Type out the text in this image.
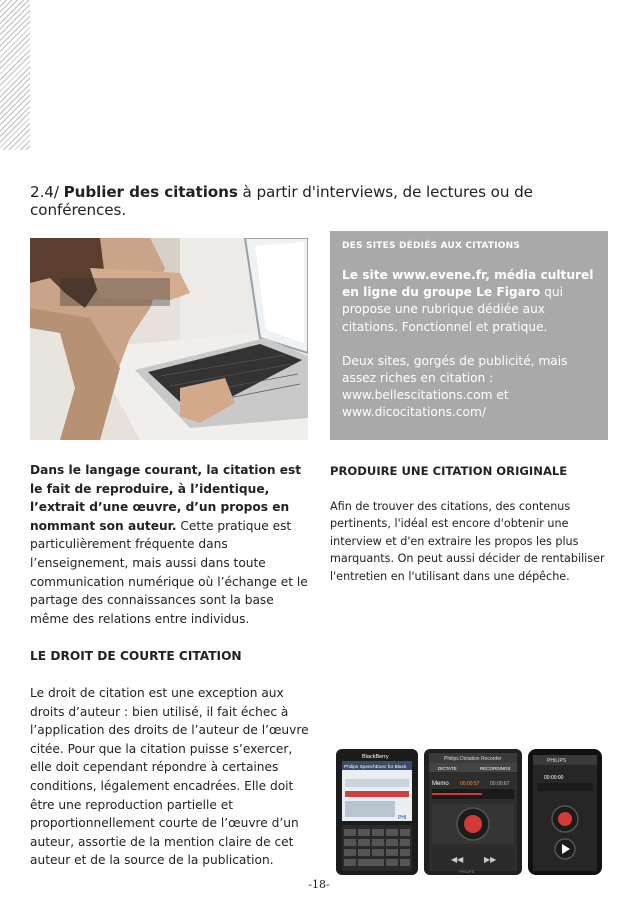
2.4/ Publier des citations à partir d'interviews, de lectures ou de conférences.
DES SITES DÉDIÉS AUX CITATIONS

Le site www.evene.fr, média culturel en ligne du groupe Le Figaro qui propose une rubrique dédiée aux citations. Fonctionnel et pratique.

Deux sites, gorgés de publicité, mais assez riches en citation : www.bellescitations.com et www.dicocitations.com/

Dans le langage courant, la citation est le fait de reproduire, à l’identique, l’extrait d’une œuvre, d’un propos en nommant son auteur. Cette pratique est particulièrement fréquente dans l’enseignement, mais aussi dans toute communication numérique où l’échange et le partage des connaissances sont la base même des relations entre individus.

LE DROIT DE COURTE CITATION

Le droit de citation est une exception aux droits d’auteur : bien utilisé, il fait échec à l’application des droits de l’auteur de l’œuvre citée. Pour que la citation puisse s’exercer, elle doit cependant répondre à certaines conditions, légalement encadrées. Elle doit être une reproduction partielle et proportionnellement courte de l’œuvre d’un auteur, assortie de la mention claire de cet auteur et de la source de la publication.

PRODUIRE UNE CITATION ORIGINALE

Afin de trouver des citations, des contenus pertinents, l'idéal est encore d'obtenir une interview et d'en extraire les propos les plus marquants. On peut aussi décider de rentabiliser l'entretien en l'utilisant dans une dépêche.

BlackBerry
Philips SpeechExec for Black
PHI
Philips Dictation Recorder
DICTATE	RECORDINGS
Memo 00:00:57 00:00:67
◀◀	▶▶
PHILIPS
PHILIPS
00:00:00
-18-
